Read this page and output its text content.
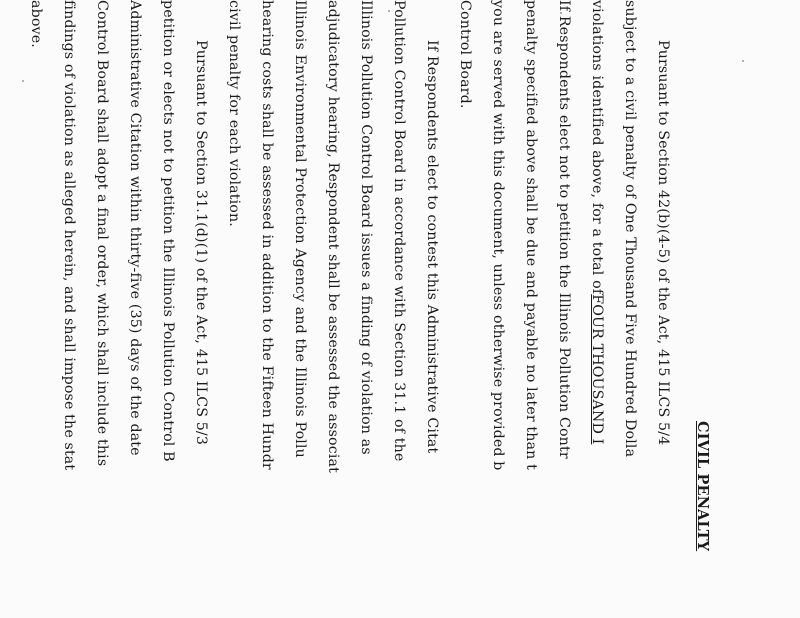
CIVIL PENALTY
Pursuant to Section 42(b)(4-5) of the Act, 415 ILCS 5/4
subject to a civil penalty of One Thousand Five Hundred Dolla
violations identified above, for a total ofFOUR THOUSAND I
If Respondents elect not to petition the Illinois Pollution Contr
penalty specified above shall be due and payable no later than t
you are served with this document, unless otherwise provided b
Control Board.
If Respondents elect to contest this Administrative Citat
Pollution Control Board in accordance with Section 31.1 of the
Illinois Pollution Control Board issues a finding of violation as
adjudicatory hearing, Respondent shall be assessed the associat
Illinois Environmental Protection Agency and the Illinois Pollu
hearing costs shall be assessed in addition to the Fifteen Hundr
civil penalty for each violation.
Pursuant to Section 31.1(d)(1) of the Act, 415 ILCS 5/3
petition or elects not to petition the Illinois Pollution Control B
Administrative Citation within thirty-five (35) days of the date
Control Board shall adopt a final order, which shall include this
findings of violation as alleged herein, and shall impose the stat
above.
